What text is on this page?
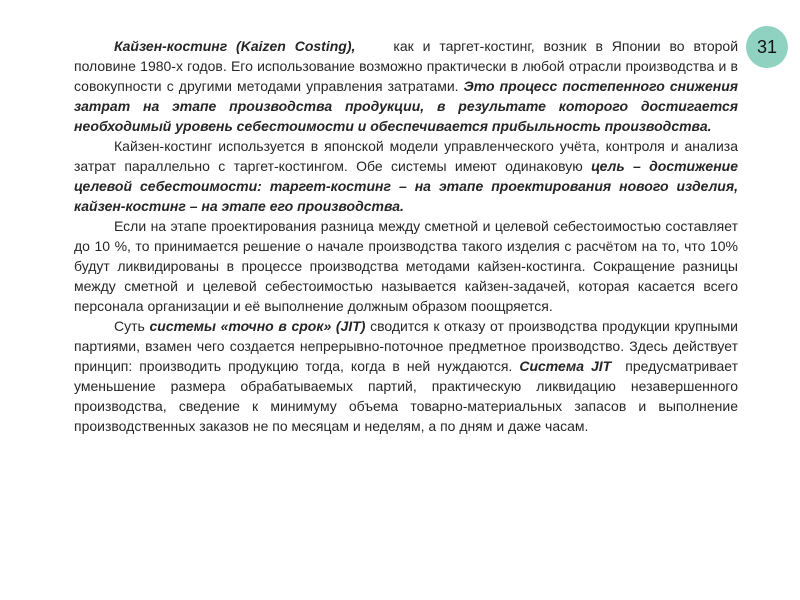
31

Кайзен-костинг (Kaizen Costing),	как и таргет-костинг, возник в Японии во второй половине 1980-х годов. Его использование возможно практически в любой отрасли производства и в совокупности с другими методами управления затратами. Это процесс постепенного снижения затрат на этапе производства продукции, в результате которого достигается необходимый уровень себестоимости и обеспечивается прибыльность производства.

Кайзен-костинг используется в японской модели управленческого учёта, контроля и анализа затрат параллельно с таргет-костингом. Обе системы имеют одинаковую цель – достижение целевой себестоимости: таргет-костинг – на этапе проектирования нового изделия, кайзен-костинг – на этапе его производства.

Если на этапе проектирования разница между сметной и целевой себестоимостью составляет до 10 %, то принимается решение о начале производства такого изделия с расчётом на то, что 10% будут ликвидированы в процессе производства методами кайзен-костинга. Сокращение разницы между сметной и целевой себестоимостью называется кайзен-задачей, которая касается всего персонала организации и её выполнение должным образом поощряется.

Суть системы «точно в срок» (JIT) сводится к отказу от производства продукции крупными партиями, взамен чего создается непрерывно-поточное предметное производство. Здесь действует принцип: производить продукцию тогда, когда в ней нуждаются. Система JIT предусматривает уменьшение размера обрабатываемых партий, практическую ликвидацию незавершенного производства, сведение к минимуму объема товарно-материальных запасов и выполнение производственных заказов не по месяцам и неделям, а по дням и даже часам.
